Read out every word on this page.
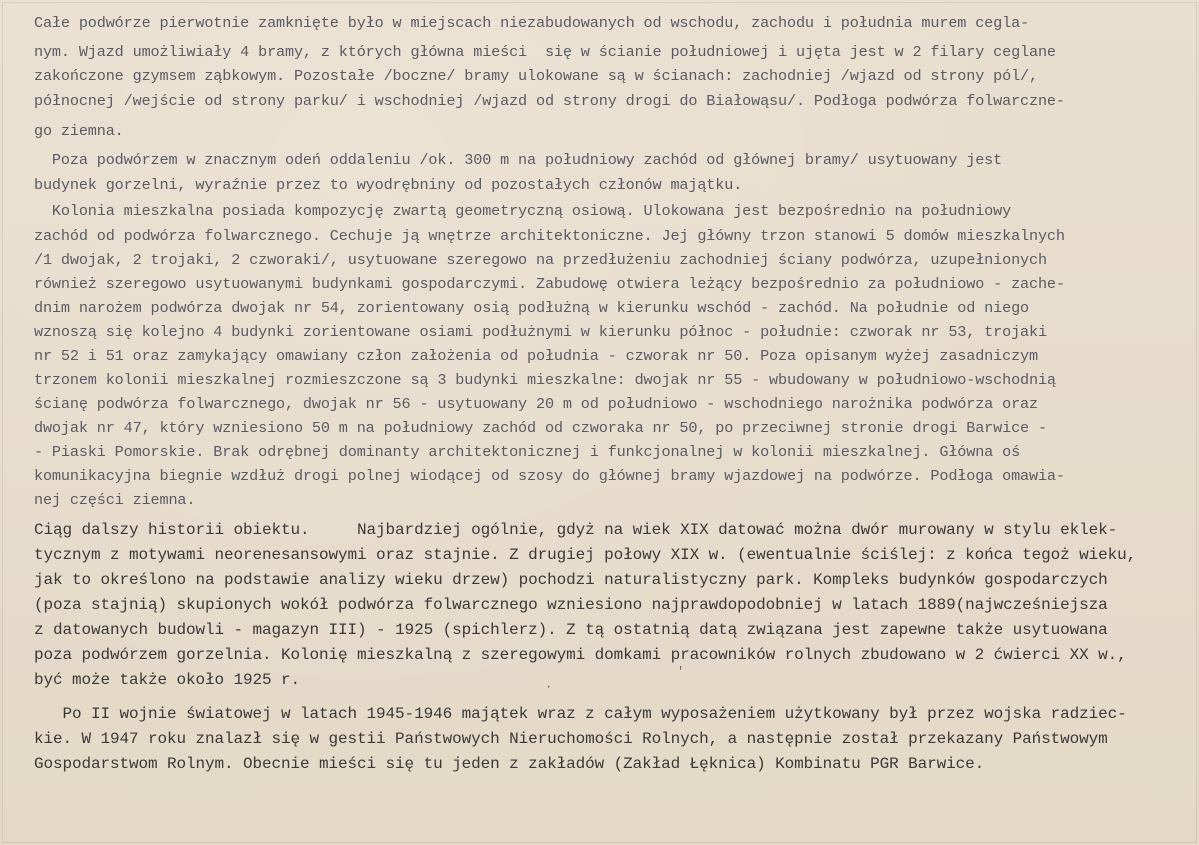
Całe podwórze pierwotnie zamknięte było w miejscach niezabudowanych od wschodu, zachodu i południa murem cegla-
nym. Wjazd umożliwiały 4 bramy, z których główna mieści  się w ścianie południowej i ujęta jest w 2 filary ceglane
zakończone gzymsem ząbkowym. Pozostałe /boczne/ bramy ulokowane są w ścianach: zachodniej /wjazd od strony pól/,
północnej /wejście od strony parku/ i wschodniej /wjazd od strony drogi do Białowąsu/. Podłoga podwórza folwarczne-
go ziemna.
Poza podwórzem w znacznym odeń oddaleniu /ok. 300 m na południowy zachód od głównej bramy/ usytuowany jest
budynek gorzelni, wyraźnie przez to wyodrębniny od pozostałych członów majątku.
Kolonia mieszkalna posiada kompozycję zwartą geometryczną osiową. Ulokowana jest bezpośrednio na południowy
zachód od podwórza folwarcznego. Cechuje ją wnętrze architektoniczne. Jej główny trzon stanowi 5 domów mieszkalnych
/1 dwojak, 2 trojaki, 2 czworaki/, usytuowane szeregowo na przedłużeniu zachodniej ściany podwórza, uzupełnionych
również szeregowo usytuowanymi budynkami gospodarczymi. Zabudowę otwiera leżący bezpośrednio za południowo - zache-
dnim narożem podwórza dwojak nr 54, zorientowany osią podłużną w kierunku wschód - zachód. Na południe od niego
wznoszą się kolejno 4 budynki zorientowane osiami podłużnymi w kierunku północ - południe: czworak nr 53, trojaki
nr 52 i 51 oraz zamykający omawiany człon założenia od południa - czworak nr 50. Poza opisanym wyżej zasadniczym
trzonem kolonii mieszkalnej rozmieszczone są 3 budynki mieszkalne: dwojak nr 55 - wbudowany w południowo-wschodnią
ścianę podwórza folwarcznego, dwojak nr 56 - usytuowany 20 m od południowo - wschodniego narożnika podwórza oraz
dwojak nr 47, który wzniesiono 50 m na południowy zachód od czworaka nr 50, po przeciwnej stronie drogi Barwice -
- Piaski Pomorskie. Brak odrębnej dominanty architektonicznej i funkcjonalnej w kolonii mieszkalnej. Główna oś
komunikacyjna biegnie wzdłuż drogi polnej wiodącej od szosy do głównej bramy wjazdowej na podwórze. Podłoga omawia-
nej części ziemna.
Ciąg dalszy historii obiektu.     Najbardziej ogólnie, gdyż na wiek XIX datować można dwór murowany w stylu eklek-
tycznym z motywami neorenesansowymi oraz stajnie. Z drugiej połowy XIX w. (ewentualnie ściślej: z końca tegoż wieku,
jak to określono na podstawie analizy wieku drzew) pochodzi naturalistyczny park. Kompleks budynków gospodarczych
(poza stajnią) skupionych wokół podwórza folwarcznego wzniesiono najprawdopodobniej w latach 1889(najwcześniejsza
z datowanych budowli - magazyn III) - 1925 (spichlerz). Z tą ostatnią datą związana jest zapewne także usytuowana
poza podwórzem gorzelnia. Kolonię mieszkalną z szeregowymi domkami pracowników rolnych zbudowano w 2 ćwierci XX w.,
być może także około 1925 r.
Po II wojnie światowej w latach 1945-1946 majątek wraz z całym wyposażeniem użytkowany był przez wojska radziec-
kie. W 1947 roku znalazł się w gestii Państwowych Nieruchomości Rolnych, a następnie został przekazany Państwowym
Gospodarstwom Rolnym. Obecnie mieści się tu jeden z zakładów (Zakład Łęknica) Kombinatu PGR Barwice.
·
'
